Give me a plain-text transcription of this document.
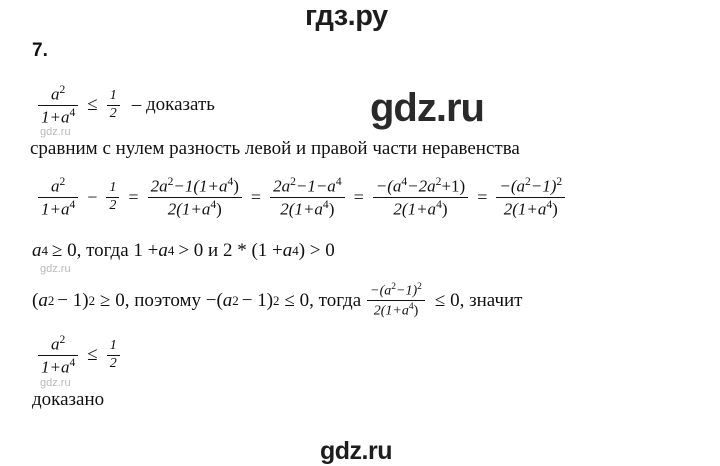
гдз.ру
gdz.ru
gdz.ru
gdz.ru
gdz.ru
gdz.ru
7.
$\frac{a^2}{1+a^4} \le \frac{1}{2}$ – доказать
сравним с нулем разность левой и правой части неравенства
$\frac{a^2}{1+a^4} - \frac{1}{2} = \frac{2a^2-1(1+a^4)}{2(1+a^4)} = \frac{2a^2-1-a^4}{2(1+a^4)} = \frac{-(a^4-2a^2+1)}{2(1+a^4)} = \frac{-(a^2-1)^2}{2(1+a^4)}$
a 4 ≥ 0, тогда 1 + a 4 > 0 и 2 * (1 + a 4 ) > 0
( a 2 − 1) 2 ≥ 0, поэтому −( a 2 − 1) 2 ≤ 0, тогда $\frac{-(a^2-1)^2}{2(1+a^4)} \le 0$, значит
$\frac{a^2}{1+a^4} \le \frac{1}{2}$
доказано
